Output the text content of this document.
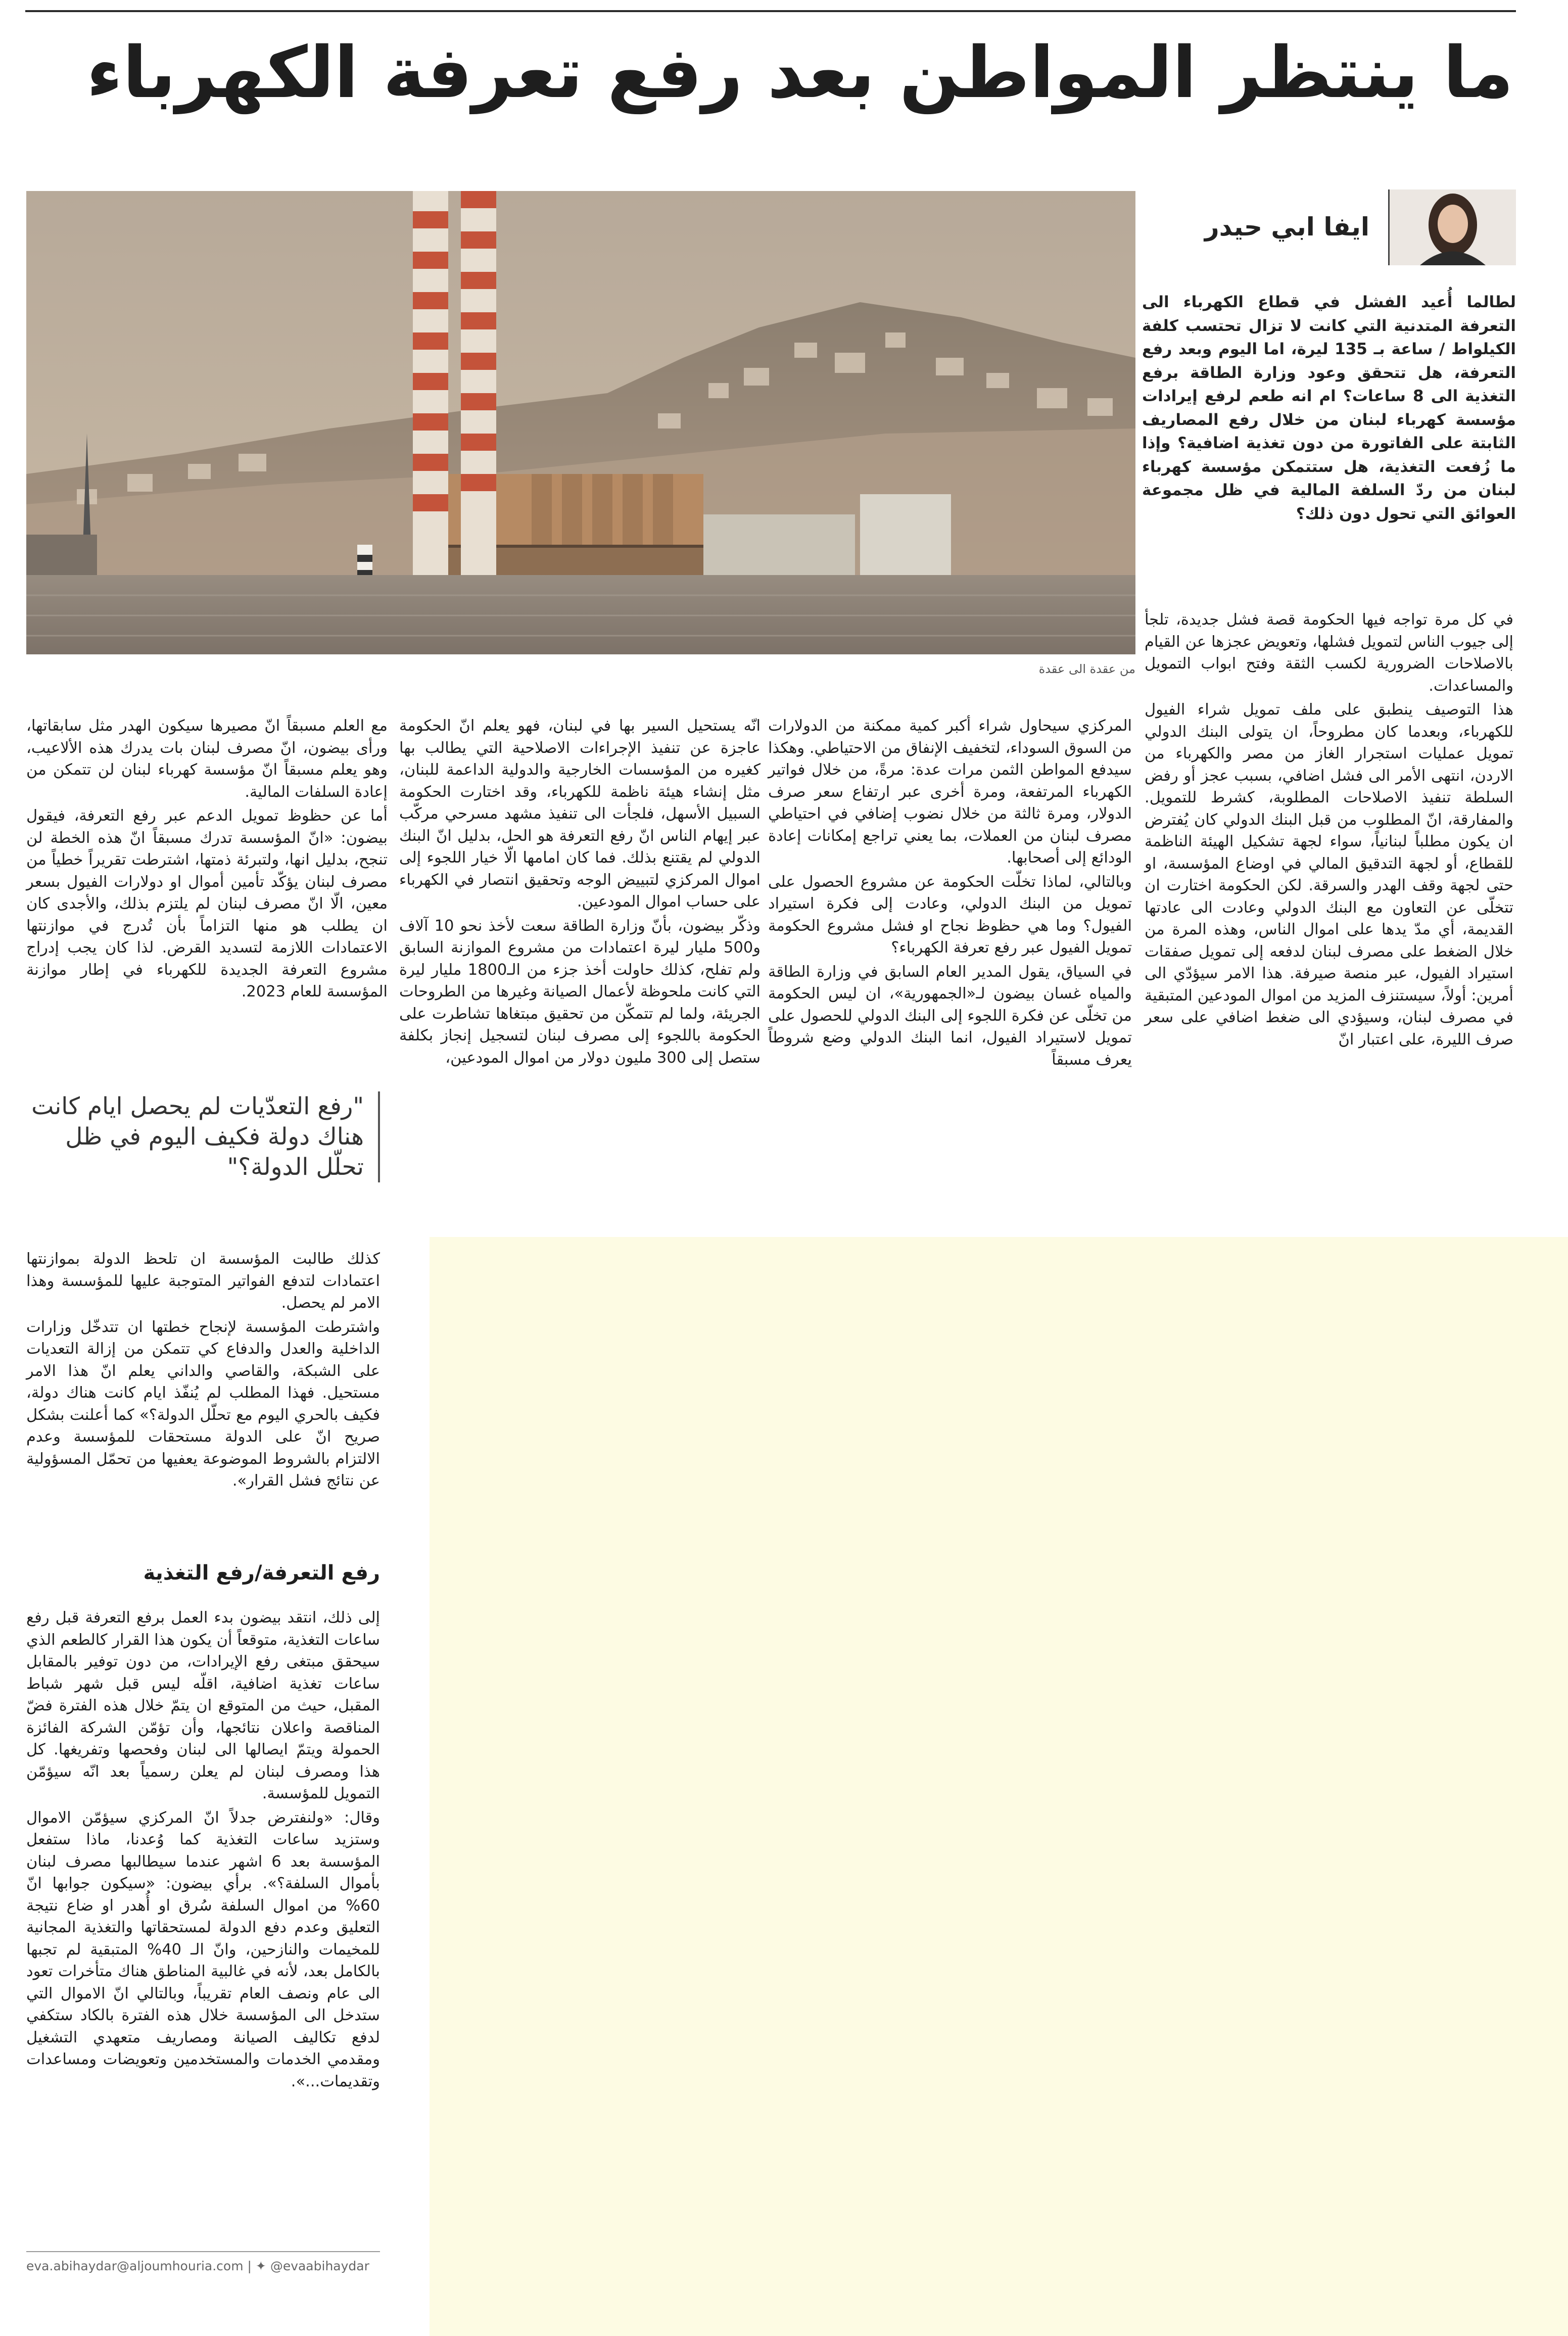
ما ينتظر المواطن بعد رفع تعرفة الكهرباء

من عقدة الى عقدة

ايفا ابي حيدر

لطالما أُعيد الفشل في قطاع الكهرباء الى التعرفة المتدنية التي كانت لا تزال تحتسب كلفة الكيلواط / ساعة بـ 135 ليرة، اما اليوم وبعد رفع التعرفة، هل تتحقق وعود وزارة الطاقة برفع التغذية الى 8 ساعات؟ ام انه طعم لرفع إيرادات مؤسسة كهرباء لبنان من خلال رفع المصاريف الثابتة على الفاتورة من دون تغذية اضافية؟ وإذا ما زُفعت التغذية، هل ستتمكن مؤسسة كهرباء لبنان من ردّ السلفة المالية في ظل مجموعة العوائق التي تحول دون ذلك؟

في كل مرة تواجه فيها الحكومة قصة فشل جديدة، تلجأ إلى جيوب الناس لتمويل فشلها، وتعويض عجزها عن القيام بالاصلاحات الضرورية لكسب الثقة وفتح ابواب التمويل والمساعدات.

هذا التوصيف ينطبق على ملف تمويل شراء الفيول للكهرباء، وبعدما كان مطروحاً، ان يتولى البنك الدولي تمويل عمليات استجرار الغاز من مصر والكهرباء من الاردن، انتهى الأمر الى فشل اضافي، بسبب عجز أو رفض السلطة تنفيذ الاصلاحات المطلوبة، كشرط للتمويل. والمفارقة، انّ المطلوب من قبل البنك الدولي كان يُفترض ان يكون مطلباً لبنانياً، سواء لجهة تشكيل الهيئة الناظمة للقطاع، أو لجهة التدقيق المالي في اوضاع المؤسسة، او حتى لجهة وقف الهدر والسرقة. لكن الحكومة اختارت ان تتخلّى عن التعاون مع البنك الدولي وعادت الى عادتها القديمة، أي مدّ يدها على اموال الناس، وهذه المرة من خلال الضغط على مصرف لبنان لدفعه إلى تمويل صفقات استيراد الفيول، عبر منصة صيرفة. هذا الامر سيؤدّي الى أمرين: أولاً، سيستنزف المزيد من اموال المودعين المتبقية في مصرف لبنان، وسيؤدي الى ضغط اضافي على سعر صرف الليرة، على اعتبار انّ

المركزي سيحاول شراء أكبر كمية ممكنة من الدولارات من السوق السوداء، لتخفيف الإنفاق من الاحتياطي. وهكذا سيدفع المواطن الثمن مرات عدة: مرةً، من خلال فواتير الكهرباء المرتفعة، ومرة أخرى عبر ارتفاع سعر صرف الدولار، ومرة ثالثة من خلال نضوب إضافي في احتياطي مصرف لبنان من العملات، بما يعني تراجع إمكانات إعادة الودائع إلى أصحابها.

وبالتالي، لماذا تخلّت الحكومة عن مشروع الحصول على تمويل من البنك الدولي، وعادت إلى فكرة استيراد الفيول؟ وما هي حظوظ نجاح او فشل مشروع الحكومة تمويل الفيول عبر رفع تعرفة الكهرباء؟

في السياق، يقول المدير العام السابق في وزارة الطاقة والمياه غسان بيضون لـ«الجمهورية»، ان ليس الحكومة من تخلّى عن فكرة اللجوء إلى البنك الدولي للحصول على تمويل لاستيراد الفيول، انما البنك الدولي وضع شروطاً يعرف مسبقاً

انّه يستحيل السير بها في لبنان، فهو يعلم انّ الحكومة عاجزة عن تنفيذ الإجراءات الاصلاحية التي يطالب بها كغيره من المؤسسات الخارجية والدولية الداعمة للبنان، مثل إنشاء هيئة ناظمة للكهرباء، وقد اختارت الحكومة السبيل الأسهل، فلجأت الى تنفيذ مشهد مسرحي مركّب عبر إيهام الناس انّ رفع التعرفة هو الحل، بدليل انّ البنك الدولي لم يقتنع بذلك. فما كان امامها الّا خيار اللجوء إلى اموال المركزي لتبييض الوجه وتحقيق انتصار في الكهرباء على حساب اموال المودعين.

وذكّر بيضون، بأنّ وزارة الطاقة سعت لأخذ نحو 10 آلاف و500 مليار ليرة اعتمادات من مشروع الموازنة السابق ولم تفلح، كذلك حاولت أخذ جزء من الـ1800 مليار ليرة التي كانت ملحوظة لأعمال الصيانة وغيرها من الطروحات الجريئة، ولما لم تتمكّن من تحقيق مبتغاها تشاطرت على الحكومة باللجوء إلى مصرف لبنان لتسجيل إنجاز بكلفة ستصل إلى 300 مليون دولار من اموال المودعين،

مع العلم مسبقاً انّ مصيرها سيكون الهدر مثل سابقاتها، ورأى بيضون، انّ مصرف لبنان بات يدرك هذه الألاعيب، وهو يعلم مسبقاً انّ مؤسسة كهرباء لبنان لن تتمكن من إعادة السلفات المالية.

أما عن حظوظ تمويل الدعم عبر رفع التعرفة، فيقول بيضون: «انّ المؤسسة تدرك مسبقاً انّ هذه الخطة لن تنجح، بدليل انها، ولتبرئة ذمتها، اشترطت تقريراً خطياً من مصرف لبنان يؤكّد تأمين أموال او دولارات الفيول بسعر معين، الّا انّ مصرف لبنان لم يلتزم بذلك، والأجدى كان ان يطلب هو منها التزاماً بأن تُدرج في موازنتها الاعتمادات اللازمة لتسديد القرض. لذا كان يجب إدراج مشروع التعرفة الجديدة للكهرباء في إطار موازنة المؤسسة للعام 2023.

"رفع التعدّيات لم يحصل ايام كانت هناك دولة فكيف اليوم في ظل تحلّل الدولة؟"

كذلك طالبت المؤسسة ان تلحظ الدولة بموازنتها اعتمادات لتدفع الفواتير المتوجبة عليها للمؤسسة وهذا الامر لم يحصل.

واشترطت المؤسسة لإنجاح خطتها ان تتدخّل وزارات الداخلية والعدل والدفاع كي تتمكن من إزالة التعديات على الشبكة، والقاصي والداني يعلم انّ هذا الامر مستحيل. فهذا المطلب لم يُنفّذ ايام كانت هناك دولة، فكيف بالحري اليوم مع تحلّل الدولة؟» كما أعلنت بشكل صريح انّ على الدولة مستحقات للمؤسسة وعدم الالتزام بالشروط الموضوعة يعفيها من تحمّل المسؤولية عن نتائج فشل القرار».

رفع التعرفة/رفع التغذية

إلى ذلك، انتقد بيضون بدء العمل برفع التعرفة قبل رفع ساعات التغذية، متوقعاً أن يكون هذا القرار كالطعم الذي سيحقق مبتغى رفع الإيرادات، من دون توفير بالمقابل ساعات تغذية اضافية، اقلّه ليس قبل شهر شباط المقبل، حيث من المتوقع ان يتمّ خلال هذه الفترة فضّ المناقصة واعلان نتائجها، وأن تؤمّن الشركة الفائزة الحمولة ويتمّ ايصالها الى لبنان وفحصها وتفريغها. كل هذا ومصرف لبنان لم يعلن رسمياً بعد انّه سيؤمّن التمويل للمؤسسة.

وقال: «ولنفترض جدلاً انّ المركزي سيؤمّن الاموال وستزيد ساعات التغذية كما وُعدنا، ماذا ستفعل المؤسسة بعد 6 اشهر عندما سيطالبها مصرف لبنان بأموال السلفة؟». برأي بيضون: «سيكون جوابها انّ 60% من اموال السلفة سُرق او أُهدر او ضاع نتيجة التعليق وعدم دفع الدولة لمستحقاتها والتغذية المجانية للمخيمات والنازحين، وانّ الـ 40% المتبقية لم تجبها بالكامل بعد، لأنه في غالبية المناطق هناك متأخرات تعود الى عام ونصف العام تقريباً، وبالتالي انّ الاموال التي ستدخل الى المؤسسة خلال هذه الفترة بالكاد ستكفي لدفع تكاليف الصيانة ومصاريف متعهدي التشغيل ومقدمي الخدمات والمستخدمين وتعويضات ومساعدات وتقديمات...».

eva.abihaydar@aljoumhouria.com | ✦ @evaabihaydar
